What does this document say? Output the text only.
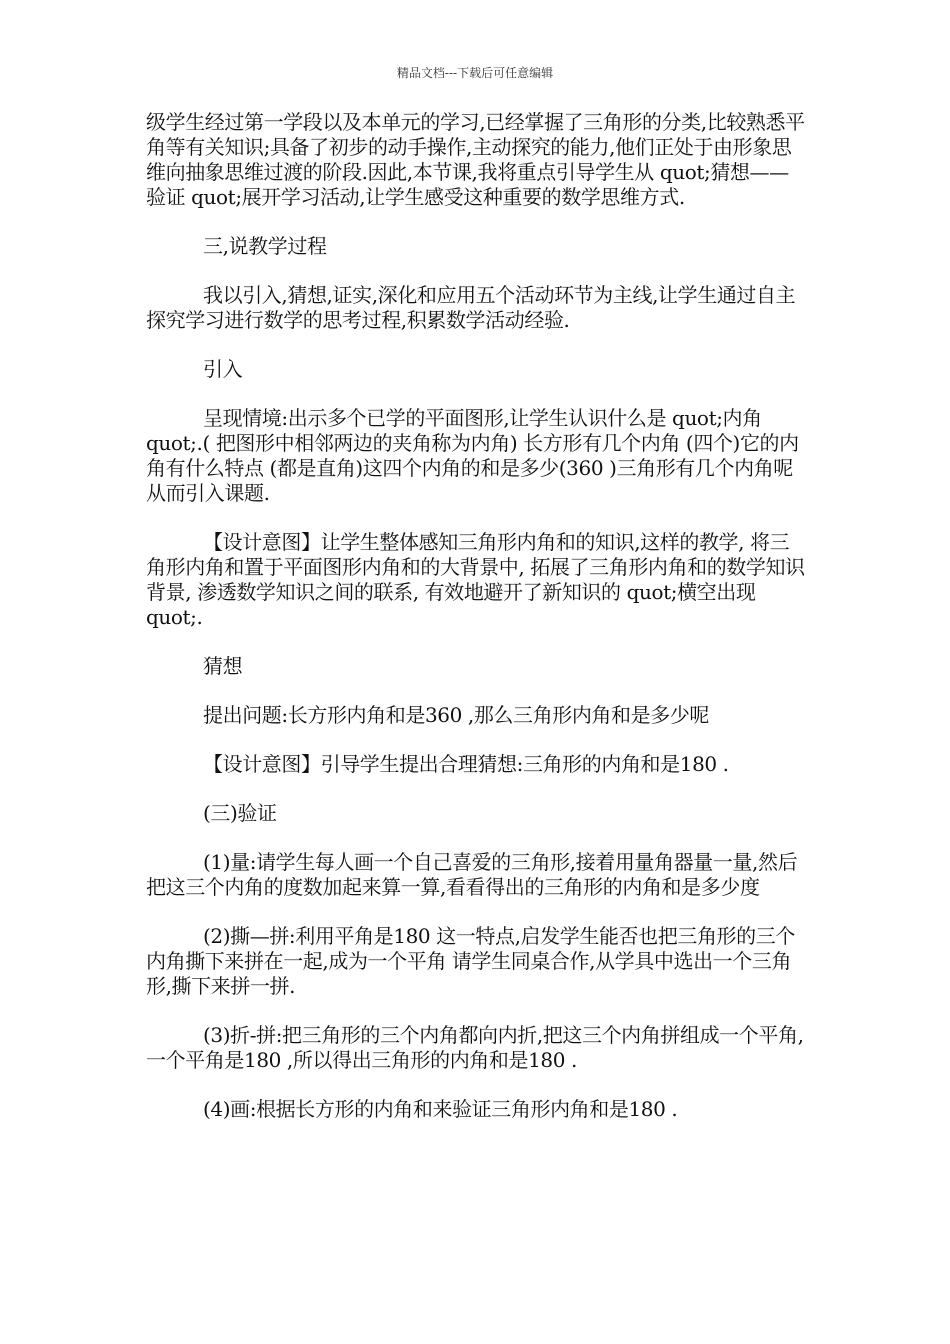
精品文档---下载后可任意编辑

级学生经过第一学段以及本单元的学习,已经掌握了三角形的分类,比较熟悉平角等有关知识;具备了初步的动手操作,主动探究的能力,他们正处于由形象思维向抽象思维过渡的阶段.因此,本节课,我将重点引导学生从 quot;猜想——验证 quot;展开学习活动,让学生感受这种重要的数学思维方式.

三,说教学过程

我以引入,猜想,证实,深化和应用五个活动环节为主线,让学生通过自主探究学习进行数学的思考过程,积累数学活动经验.

引入

呈现情境:出示多个已学的平面图形,让学生认识什么是 quot;内角 quot;.( 把图形中相邻两边的夹角称为内角) 长方形有几个内角 (四个)它的内角有什么特点 (都是直角)这四个内角的和是多少(360 )三角形有几个内角呢 从而引入课题.

【设计意图】让学生整体感知三角形内角和的知识,这样的教学, 将三角形内角和置于平面图形内角和的大背景中, 拓展了三角形内角和的数学知识背景, 渗透数学知识之间的联系, 有效地避开了新知识的 quot;横空出现 quot;.

猜想

提出问题:长方形内角和是360 ,那么三角形内角和是多少呢

【设计意图】引导学生提出合理猜想:三角形的内角和是180 .

(三)验证

(1)量:请学生每人画一个自己喜爱的三角形,接着用量角器量一量,然后把这三个内角的度数加起来算一算,看看得出的三角形的内角和是多少度

(2)撕—拼:利用平角是180 这一特点,启发学生能否也把三角形的三个内角撕下来拼在一起,成为一个平角 请学生同桌合作,从学具中选出一个三角形,撕下来拼一拼.

(3)折-拼:把三角形的三个内角都向内折,把这三个内角拼组成一个平角,一个平角是180 ,所以得出三角形的内角和是180 .

(4)画:根据长方形的内角和来验证三角形内角和是180 .
